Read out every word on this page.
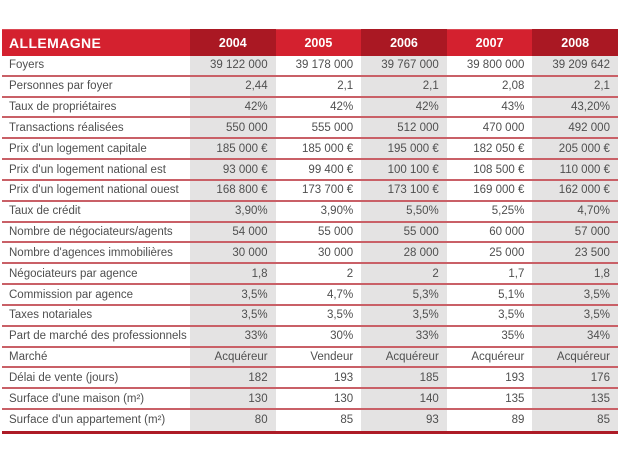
ALLEMAGNE	2004	2005	2006	2007	2008
Foyers	39 122 000	39 178 000	39 767 000	39 800 000	39 209 642
Personnes par foyer	2,44	2,1	2,1	2,08	2,1
Taux de propriétaires	42%	42%	42%	43%	43,20%
Transactions réalisées	550 000	555 000	512 000	470 000	492 000
Prix d'un logement capitale	185 000 €	185 000 €	195 000 €	182 050 €	205 000 €
Prix d'un logement national est	93 000 €	99 400 €	100 100 €	108 500 €	110 000 €
Prix d'un logement national ouest	168 800 €	173 700 €	173 100 €	169 000 €	162 000 €
Taux de crédit	3,90%	3,90%	5,50%	5,25%	4,70%
Nombre de négociateurs/agents	54 000	55 000	55 000	60 000	57 000
Nombre d'agences immobilières	30 000	30 000	28 000	25 000	23 500
Négociateurs par agence	1,8	2	2	1,7	1,8
Commission par agence	3,5%	4,7%	5,3%	5,1%	3,5%
Taxes notariales	3,5%	3,5%	3,5%	3,5%	3,5%
Part de marché des professionnels	33%	30%	33%	35%	34%
Marché	Acquéreur	Vendeur	Acquéreur	Acquéreur	Acquéreur
Délai de vente (jours)	182	193	185	193	176
Surface d'une maison (m²)	130	130	140	135	135
Surface d'un appartement (m²)	80	85	93	89	85
